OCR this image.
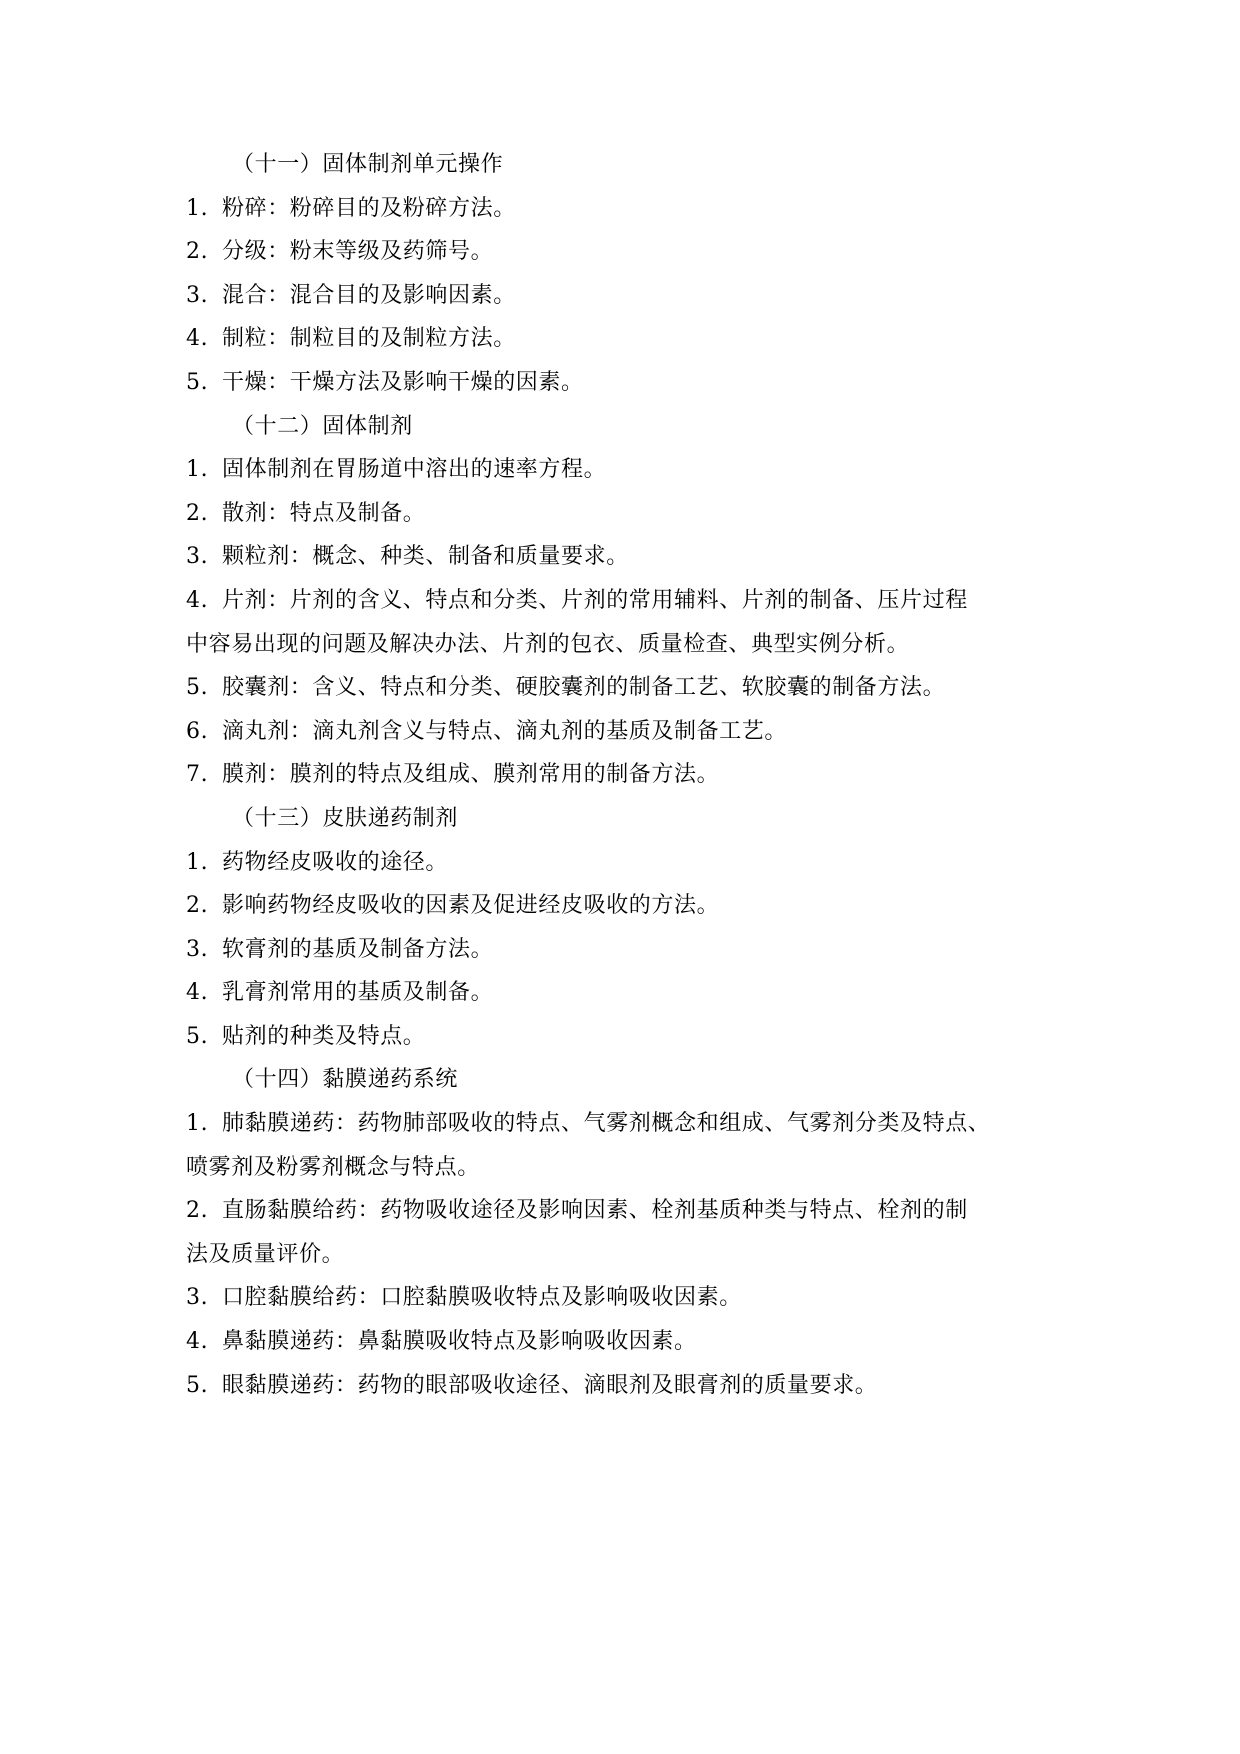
（十一）固体制剂单元操作
1. 粉碎：粉碎目的及粉碎方法。
2. 分级：粉末等级及药筛号。
3. 混合：混合目的及影响因素。
4. 制粒：制粒目的及制粒方法。
5. 干燥：干燥方法及影响干燥的因素。
（十二）固体制剂
1. 固体制剂在胃肠道中溶出的速率方程。
2. 散剂：特点及制备。
3. 颗粒剂：概念、种类、制备和质量要求。
4. 片剂：片剂的含义、特点和分类、片剂的常用辅料、片剂的制备、压片过程
中容易出现的问题及解决办法、片剂的包衣、质量检查、典型实例分析。
5. 胶囊剂：含义、特点和分类、硬胶囊剂的制备工艺、软胶囊的制备方法。
6. 滴丸剂：滴丸剂含义与特点、滴丸剂的基质及制备工艺。
7. 膜剂：膜剂的特点及组成、膜剂常用的制备方法。
（十三）皮肤递药制剂
1. 药物经皮吸收的途径。
2. 影响药物经皮吸收的因素及促进经皮吸收的方法。
3. 软膏剂的基质及制备方法。
4. 乳膏剂常用的基质及制备。
5. 贴剂的种类及特点。
（十四）黏膜递药系统
1. 肺黏膜递药：药物肺部吸收的特点、气雾剂概念和组成、气雾剂分类及特点、
喷雾剂及粉雾剂概念与特点。
2. 直肠黏膜给药：药物吸收途径及影响因素、栓剂基质种类与特点、栓剂的制
法及质量评价。
3. 口腔黏膜给药：口腔黏膜吸收特点及影响吸收因素。
4. 鼻黏膜递药：鼻黏膜吸收特点及影响吸收因素。
5. 眼黏膜递药：药物的眼部吸收途径、滴眼剂及眼膏剂的质量要求。
